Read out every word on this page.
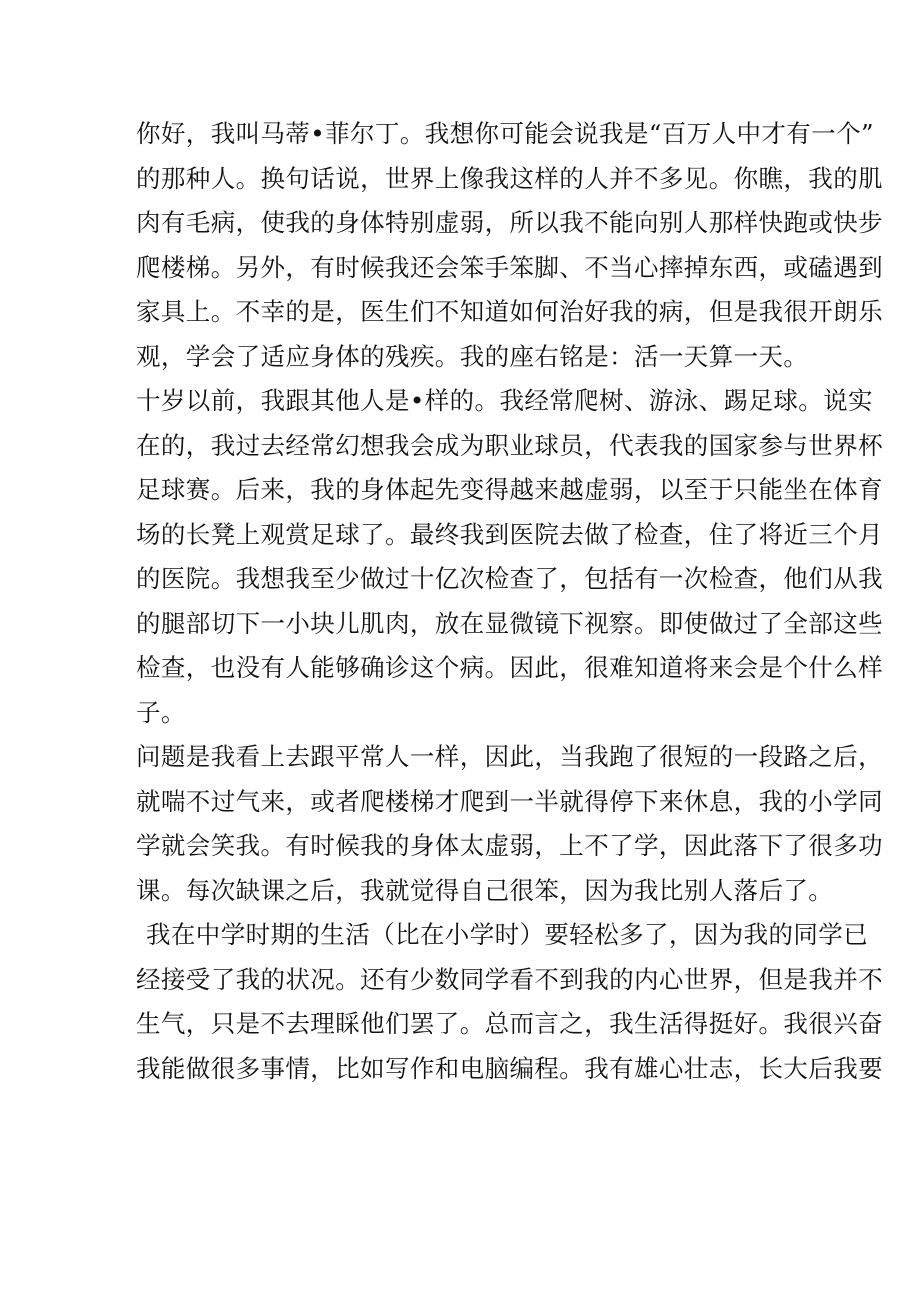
你好，我叫马蒂•菲尔丁。我想你可能会说我是“百万人中才有一个”
的那种人。换句话说，世界上像我这样的人并不多见。你瞧，我的肌
肉有毛病，使我的身体特别虚弱，所以我不能向别人那样快跑或快步
爬楼梯。另外，有时候我还会笨手笨脚、不当心摔掉东西，或磕遇到
家具上。不幸的是，医生们不知道如何治好我的病，但是我很开朗乐
观，学会了适应身体的残疾。我的座右铭是：活一天算一天。
十岁以前，我跟其他人是•样的。我经常爬树、游泳、踢足球。说实
在的，我过去经常幻想我会成为职业球员，代表我的国家参与世界杯
足球赛。后来，我的身体起先变得越来越虚弱，以至于只能坐在体育
场的长凳上观赏足球了。最终我到医院去做了检查，住了将近三个月
的医院。我想我至少做过十亿次检查了，包括有一次检查，他们从我
的腿部切下一小块儿肌肉，放在显微镜下视察。即使做过了全部这些
检查，也没有人能够确诊这个病。因此，很难知道将来会是个什么样
子。
问题是我看上去跟平常人一样，因此，当我跑了很短的一段路之后，
就喘不过气来，或者爬楼梯才爬到一半就得停下来休息，我的小学同
学就会笑我。有时候我的身体太虚弱，上不了学，因此落下了很多功
课。每次缺课之后，我就觉得自己很笨，因为我比别人落后了。
我在中学时期的生活（比在小学时）要轻松多了，因为我的同学已
经接受了我的状况。还有少数同学看不到我的内心世界，但是我并不
生气，只是不去理睬他们罢了。总而言之，我生活得挺好。我很兴奋
我能做很多事情，比如写作和电脑编程。我有雄心壮志，长大后我要
